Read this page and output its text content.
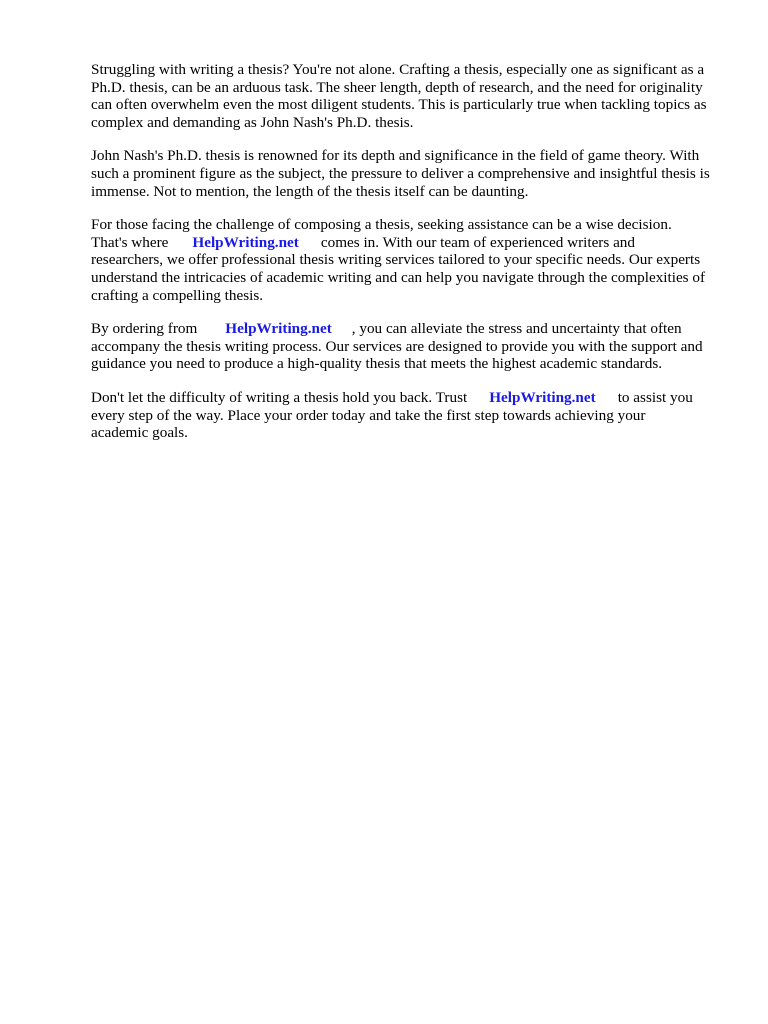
Struggling with writing a thesis? You're not alone. Crafting a thesis, especially one as significant as a
Ph.D. thesis, can be an arduous task. The sheer length, depth of research, and the need for originality
can often overwhelm even the most diligent students. This is particularly true when tackling topics as
complex and demanding as John Nash's Ph.D. thesis.

John Nash's Ph.D. thesis is renowned for its depth and significance in the field of game theory. With
such a prominent figure as the subject, the pressure to deliver a comprehensive and insightful thesis is
immense. Not to mention, the length of the thesis itself can be daunting.

For those facing the challenge of composing a thesis, seeking assistance can be a wise decision.
That's where HelpWriting.net comes in. With our team of experienced writers and
researchers, we offer professional thesis writing services tailored to your specific needs. Our experts
understand the intricacies of academic writing and can help you navigate through the complexities of
crafting a compelling thesis.

By ordering from HelpWriting.net , you can alleviate the stress and uncertainty that often
accompany the thesis writing process. Our services are designed to provide you with the support and
guidance you need to produce a high-quality thesis that meets the highest academic standards.

Don't let the difficulty of writing a thesis hold you back. Trust HelpWriting.net to assist you
every step of the way. Place your order today and take the first step towards achieving your
academic goals.
